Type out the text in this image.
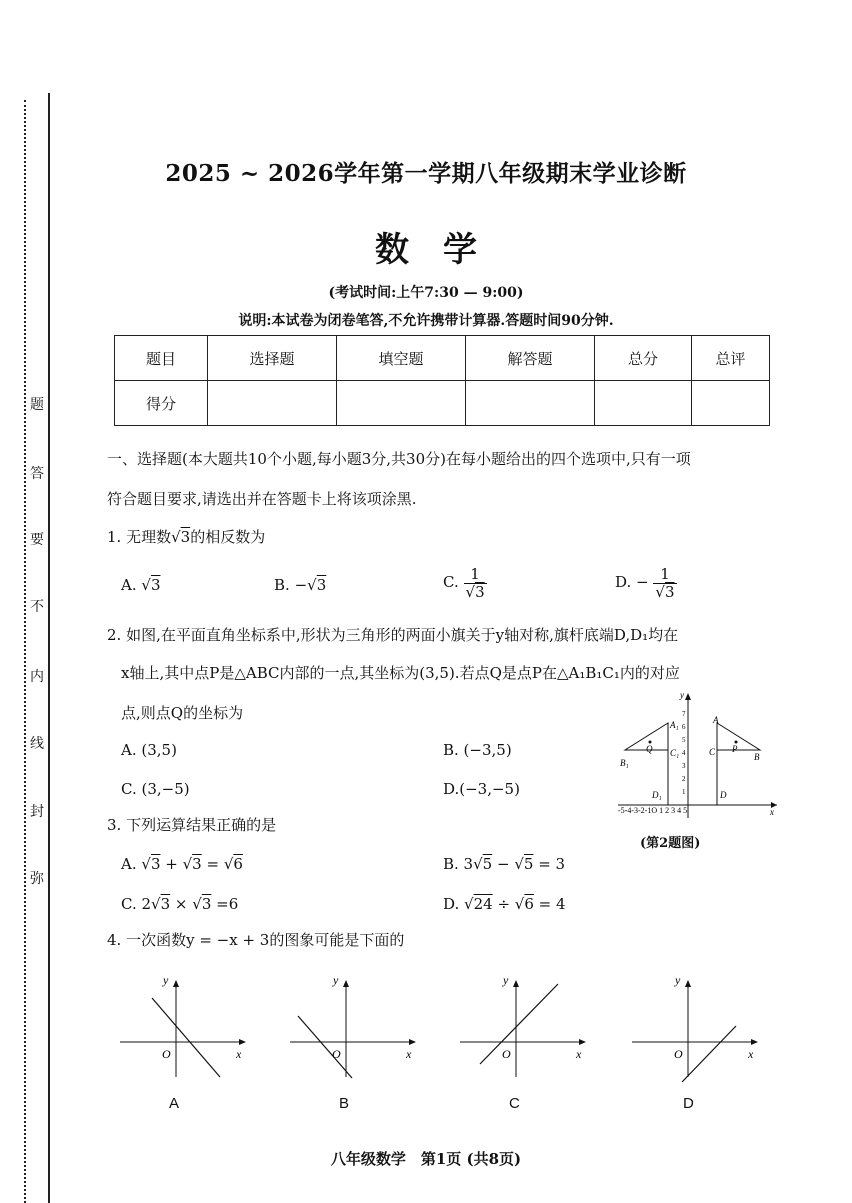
题
答
要
不
内
线
封
弥
2025 ~ 2026学年第一学期八年级期末学业诊断
数学
(考试时间:上午7:30 — 9:00)
说明:本试卷为闭卷笔答,不允许携带计算器.答题时间90分钟.
题目	选择题	填空题	解答题	总分	总评
得分					
一、选择题(本大题共10个小题,每小题3分,共30分)在每小题给出的四个选项中,只有一项
符合题目要求,请选出并在答题卡上将该项涂黑.
1. 无理数√3的相反数为
A. √3	B. −√3	C. $\frac{1}{√3}$	D. − $\frac{1}{√3}$
2. 如图,在平面直角坐标系中,形状为三角形的两面小旗关于y轴对称,旗杆底端D,D₁均在
x轴上,其中点P是△ABC内部的一点,其坐标为(3,5).若点Q是点P在△A₁B₁C₁内的对应
点,则点Q的坐标为
A. (3,5)	B. (−3,5)
C. (3,−5)	D.(−3,−5)
y
x
-5-4-3-2-1O 1 2 3 4 5
1
2
3
4
5
6
7
A
C	B
P
D
A₁
C₁
B₁
Q
D₁
(第2题图)
3. 下列运算结果正确的是
A. √3 + √3 = √6	B. 3√5 − √5 = 3
C. 2√3 × √3 =6	D. √24 ÷ √6 = 4
4. 一次函数y = −x + 3的图象可能是下面的
y
x
O
A
y
x
O
B
y
x
O
C
y
x
O
D
八年级数学　第1页 (共8页)
